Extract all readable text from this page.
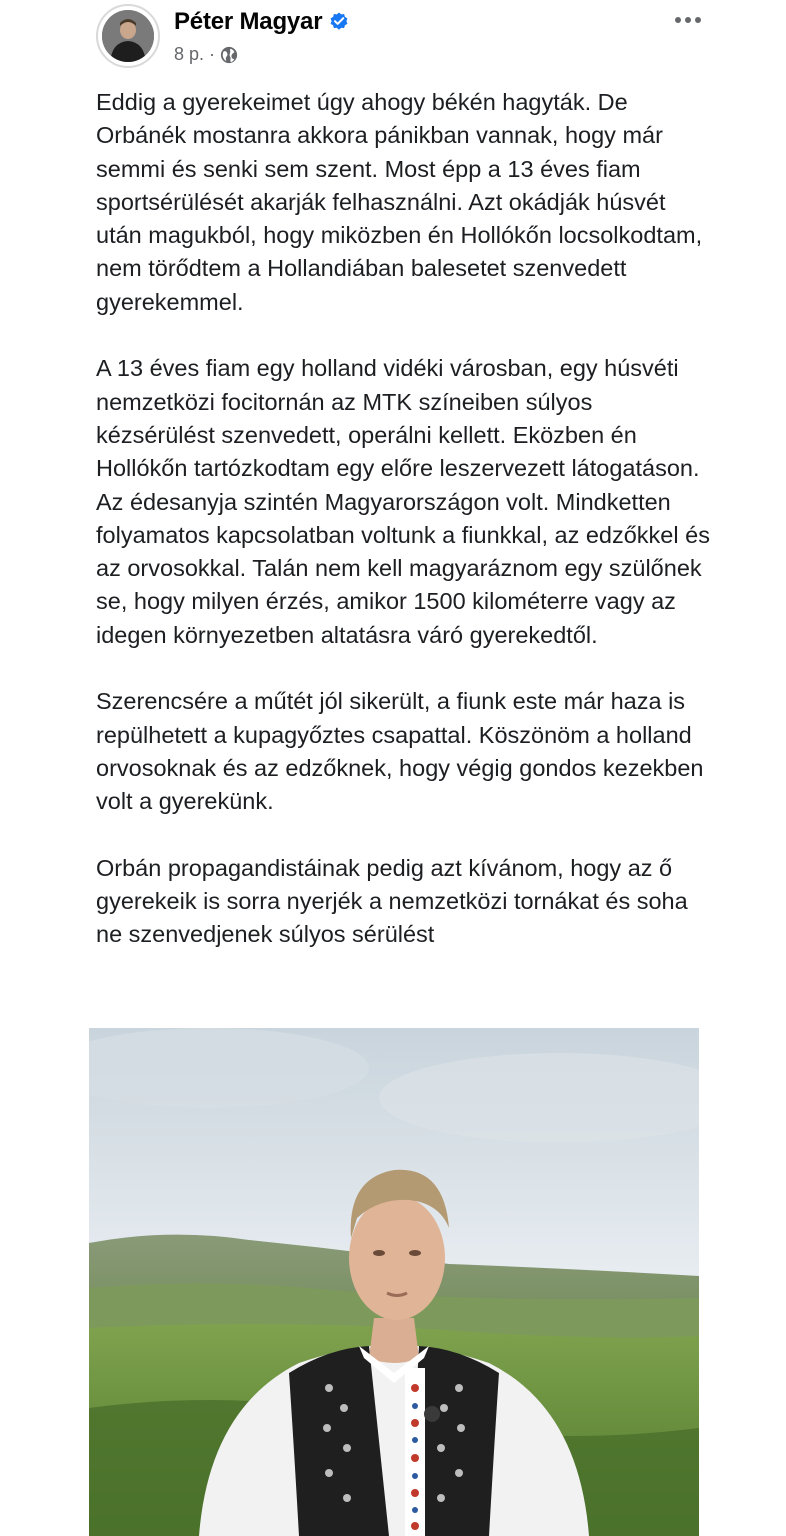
Péter Magyar
8 p. ·

Eddig a gyerekeimet úgy ahogy békén hagyták. De Orbánék mostanra akkora pánikban vannak, hogy már semmi és senki sem szent. Most épp a 13 éves fiam sportsérülését akarják felhasználni. Azt okádják húsvét után magukból, hogy miközben én Hollókőn locsolkodtam, nem törődtem a Hollandiában balesetet szenvedett gyerekemmel.

A 13 éves fiam egy holland vidéki városban, egy húsvéti nemzetközi focitornán az MTK színeiben súlyos kézsérülést szenvedett, operálni kellett. Eközben én Hollókőn tartózkodtam egy előre leszervezett látogatáson. Az édesanyja szintén Magyarországon volt. Mindketten folyamatos kapcsolatban voltunk a fiunkkal, az edzőkkel és az orvosokkal. Talán nem kell magyaráznom egy szülőnek se, hogy milyen érzés, amikor 1500 kilométerre vagy az idegen környezetben altatásra váró gyerekedtől.

Szerencsére a műtét jól sikerült, a fiunk este már haza is repülhetett a kupagyőztes csapattal. Köszönöm a holland orvosoknak és az edzőknek, hogy végig gondos kezekben volt a gyerekünk.

Orbán propagandistáinak pedig azt kívánom, hogy az ő gyerekeik is sorra nyerjék a nemzetközi tornákat és soha ne szenvedjenek súlyos sérülést
